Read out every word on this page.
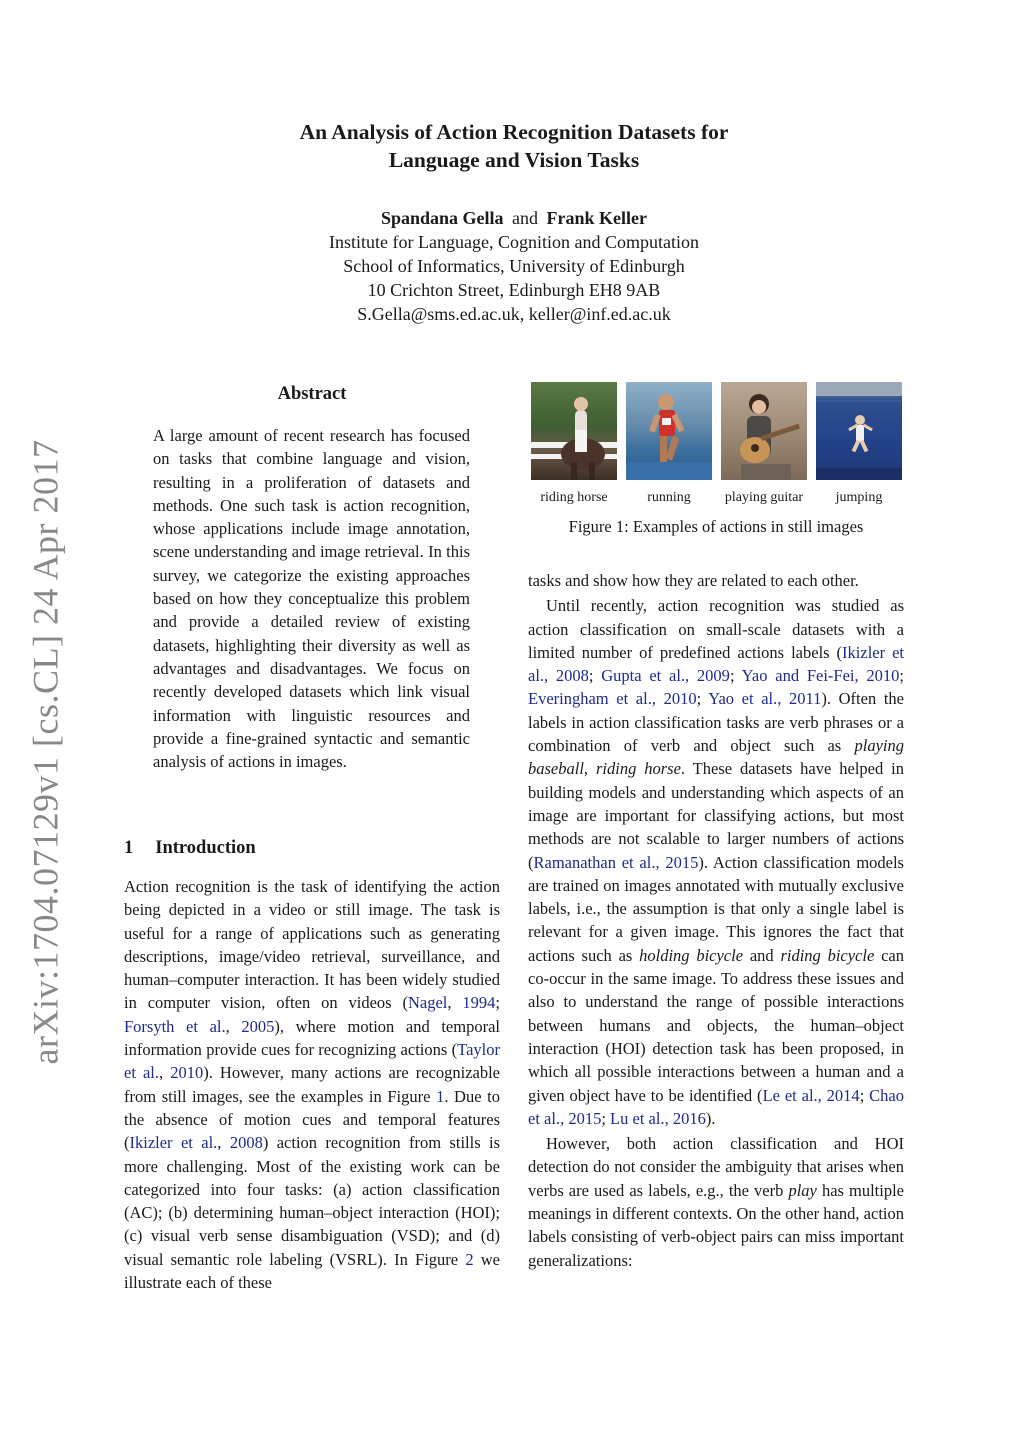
arXiv:1704.07129v1 [cs.CL] 24 Apr 2017
An Analysis of Action Recognition Datasets for
Language and Vision Tasks
Spandana Gella and Frank Keller
Institute for Language, Cognition and Computation
School of Informatics, University of Edinburgh
10 Crichton Street, Edinburgh EH8 9AB
S.Gella@sms.ed.ac.uk, keller@inf.ed.ac.uk
Abstract
A large amount of recent research has focused on tasks that combine language and vision, resulting in a proliferation of datasets and methods. One such task is action recognition, whose applications include image annotation, scene understanding and image retrieval. In this survey, we categorize the existing approaches based on how they conceptualize this problem and provide a detailed review of existing datasets, highlighting their diversity as well as advantages and disadvantages. We focus on recently developed datasets which link visual information with linguistic resources and provide a fine-grained syntactic and semantic analysis of actions in images.
riding horse	running	playing guitar	jumping
Figure 1: Examples of actions in still images
1 Introduction

Action recognition is the task of identifying the action being depicted in a video or still image. The task is useful for a range of applications such as generating descriptions, image/video retrieval, surveillance, and human–computer interaction. It has been widely studied in computer vision, often on videos (Nagel, 1994; Forsyth et al., 2005), where motion and temporal information provide cues for recognizing actions (Taylor et al., 2010). However, many actions are recognizable from still images, see the examples in Figure 1. Due to the absence of motion cues and temporal features (Ikizler et al., 2008) action recognition from stills is more challenging. Most of the existing work can be categorized into four tasks: (a) action classification (AC); (b) determining human–object interaction (HOI); (c) visual verb sense disambiguation (VSD); and (d) visual semantic role labeling (VSRL). In Figure 2 we illustrate each of these

tasks and show how they are related to each other.

Until recently, action recognition was studied as action classification on small-scale datasets with a limited number of predefined actions labels (Ikizler et al., 2008; Gupta et al., 2009; Yao and Fei-Fei, 2010; Everingham et al., 2010; Yao et al., 2011). Often the labels in action classification tasks are verb phrases or a combination of verb and object such as playing baseball, riding horse. These datasets have helped in building models and understanding which aspects of an image are important for classifying actions, but most methods are not scalable to larger numbers of actions (Ramanathan et al., 2015). Action classification models are trained on images annotated with mutually exclusive labels, i.e., the assumption is that only a single label is relevant for a given image. This ignores the fact that actions such as holding bicycle and riding bicycle can co-occur in the same image. To address these issues and also to understand the range of possible interactions between humans and objects, the human–object interaction (HOI) detection task has been proposed, in which all possible interactions between a human and a given object have to be identified (Le et al., 2014; Chao et al., 2015; Lu et al., 2016).

However, both action classification and HOI detection do not consider the ambiguity that arises when verbs are used as labels, e.g., the verb play has multiple meanings in different contexts. On the other hand, action labels consisting of verb-object pairs can miss important generalizations:
